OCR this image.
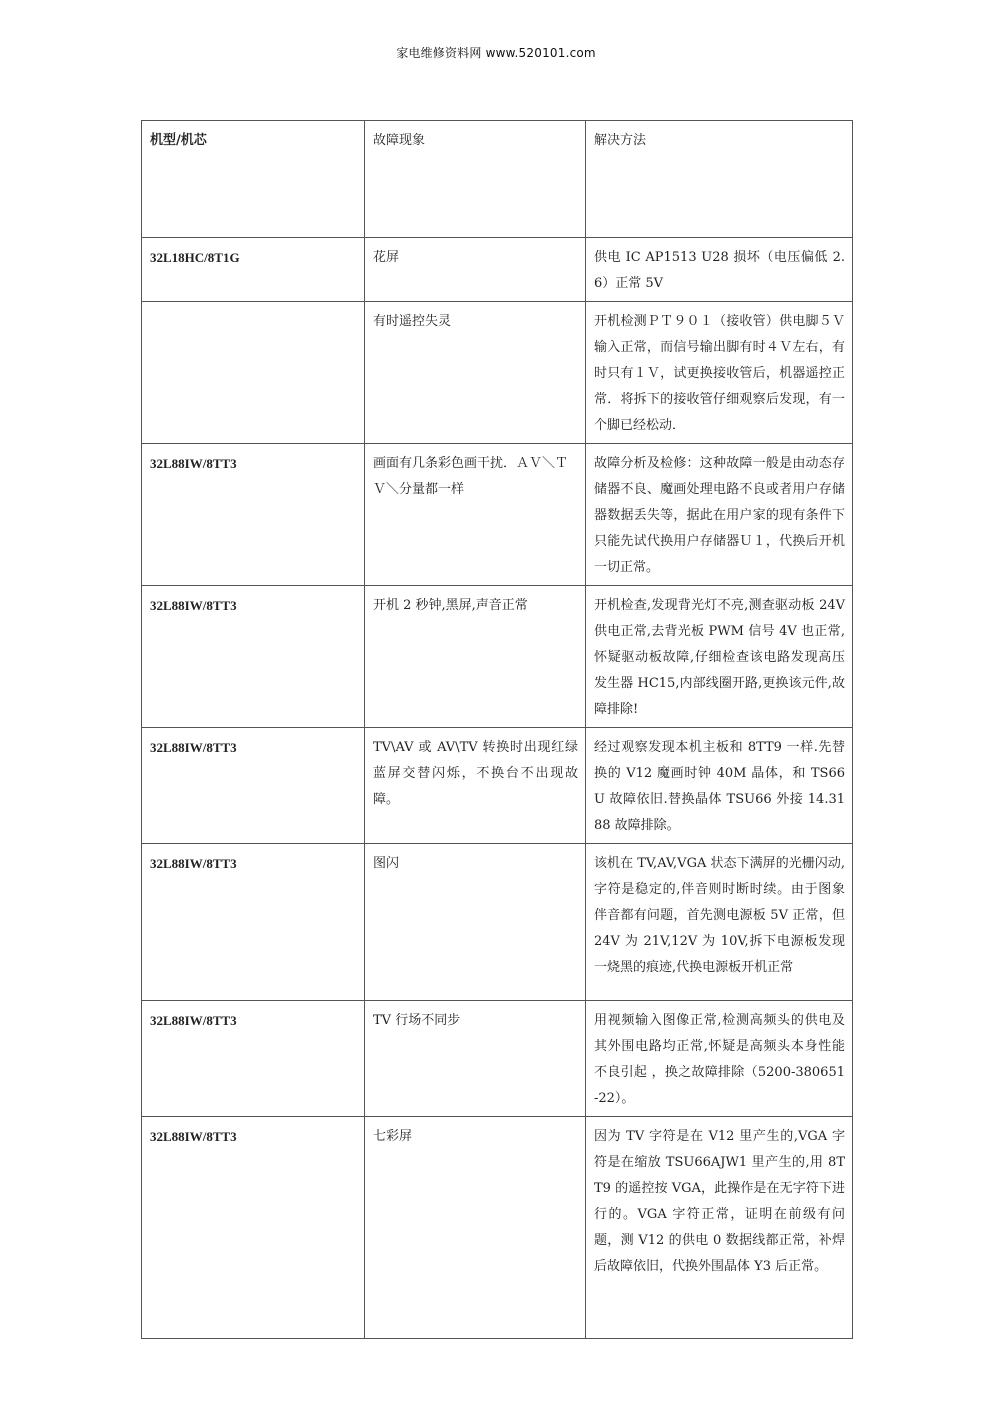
家电维修资料网 www.520101.com
机型/机芯	故障现象	解决方法
32L18HC/8T1G	花屏	供电 IC AP1513 U28 损坏（电压偏低 2.6）正常 5V
	有时遥控失灵	开机检测ＰＴ９０１（接收管）供电脚５Ｖ输入正常，而信号输出脚有时４Ｖ左右，有时只有１Ｖ，试更换接收管后，机器遥控正常．将拆下的接收管仔细观察后发现，有一个脚已经松动．
32L88IW/8TT3	画面有几条彩色画干扰．ＡＶ＼ＴＶ＼分量都一样	故障分析及检修：这种故障一般是由动态存储器不良、魔画处理电路不良或者用户存储器数据丢失等，据此在用户家的现有条件下只能先试代换用户存储器Ｕ１，代换后开机一切正常。
32L88IW/8TT3	开机 2 秒钟,黑屏,声音正常	开机检查,发现背光灯不亮,测查驱动板 24V 供电正常,去背光板 PWM 信号 4V 也正常,怀疑驱动板故障,仔细检查该电路发现高压发生器 HC15,内部线圈开路,更换该元件,故障排除!
32L88IW/8TT3	TV\AV 或 AV\TV 转换时出现红绿蓝屏交替闪烁，不换台不出现故障。	经过观察发现本机主板和 8TT9 一样.先替换的 V12 魔画时钟 40M 晶体，和 TS66U 故障依旧.替换晶体 TSU66 外接 14.3188 故障排除。
32L88IW/8TT3	图闪	该机在 TV,AV,VGA 状态下满屏的光栅闪动,字符是稳定的,伴音则时断时续。由于图象伴音都有问题，首先测电源板 5V 正常，但 24V 为 21V,12V 为 10V,拆下电源板发现一烧黑的痕迹,代换电源板开机正常
32L88IW/8TT3	TV 行场不同步	用视频输入图像正常,检测高频头的供电及其外围电路均正常,怀疑是高频头本身性能不良引起 ，换之故障排除（5200-380651-22）。
32L88IW/8TT3	七彩屏	因为 TV 字符是在 V12 里产生的,VGA 字符是在缩放 TSU66AJW1 里产生的,用 8TT9 的遥控按 VGA，此操作是在无字符下进行的。VGA 字符正常，证明在前级有问题，测 V12 的供电 0 数据线都正常，补焊后故障依旧，代换外围晶体 Y3 后正常。
